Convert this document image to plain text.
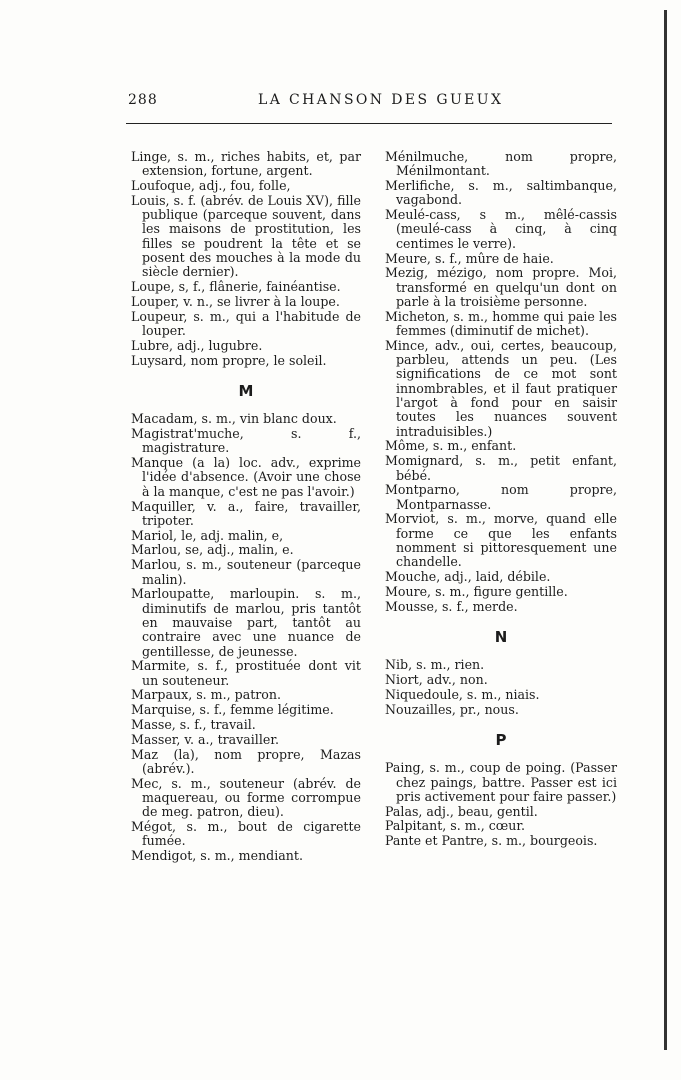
288	LA CHANSON DES GUEUX
Linge, s. m., riches habits, et, par extension, fortune, argent.
Loufoque, adj., fou, folle,
Louis, s. f. (abrév. de Louis XV), fille publique (parceque souvent, dans les maisons de prostitution, les filles se poudrent la tête et se posent des mouches à la mode du siècle dernier).
Loupe, s, f., flânerie, fainéantise.
Louper, v. n., se livrer à la loupe.
Loupeur, s. m., qui a l'habitude de louper.
Lubre, adj., lugubre.
Luysard, nom propre, le soleil.
M
Macadam, s. m., vin blanc doux.
Magistrat'muche, s. f., magistrature.
Manque (a la) loc. adv., exprime l'idée d'absence. (Avoir une chose à la manque, c'est ne pas l'avoir.)
Maquiller, v. a., faire, travailler, tripoter.
Mariol, le, adj. malin, e,
Marlou, se, adj., malin, e.
Marlou, s. m., souteneur (parceque malin).
Marloupatte, marloupin. s. m., diminutifs de marlou, pris tantôt en mauvaise part, tantôt au contraire avec une nuance de gentillesse, de jeunesse.
Marmite, s. f., prostituée dont vit un souteneur.
Marpaux, s. m., patron.
Marquise, s. f., femme légitime.
Masse, s. f., travail.
Masser, v. a., travailler.
Maz (la), nom propre, Mazas (abrév.).
Mec, s. m., souteneur (abrév. de maquereau, ou forme corrompue de meg. patron, dieu).
Mégot, s. m., bout de cigarette fumée.
Mendigot, s. m., mendiant.
Ménilmuche, nom propre, Ménilmontant.
Merlifiche, s. m., saltimbanque, vagabond.
Meulé-cass, s m., mêlé-cassis (meulé-cass à cinq, à cinq centimes le verre).
Meure, s. f., mûre de haie.
Mezig, mézigo, nom propre. Moi, transformé en quelqu'un dont on parle à la troisième personne.
Micheton, s. m., homme qui paie les femmes (diminutif de michet).
Mince, adv., oui, certes, beaucoup, parbleu, attends un peu. (Les significations de ce mot sont innombrables, et il faut pratiquer l'argot à fond pour en saisir toutes les nuances souvent intraduisibles.)
Môme, s. m., enfant.
Momignard, s. m., petit enfant, bébé.
Montparno, nom propre, Montparnasse.
Morviot, s. m., morve, quand elle forme ce que les enfants nomment si pittoresquement une chandelle.
Mouche, adj., laid, débile.
Moure, s. m., figure gentille.
Mousse, s. f., merde.
N
Nib, s. m., rien.
Niort, adv., non.
Niquedoule, s. m., niais.
Nouzailles, pr., nous.
P
Paing, s. m., coup de poing. (Passer chez paings, battre. Passer est ici pris activement pour faire passer.)
Palas, adj., beau, gentil.
Palpitant, s. m., cœur.
Pante et Pantre, s. m., bourgeois.
